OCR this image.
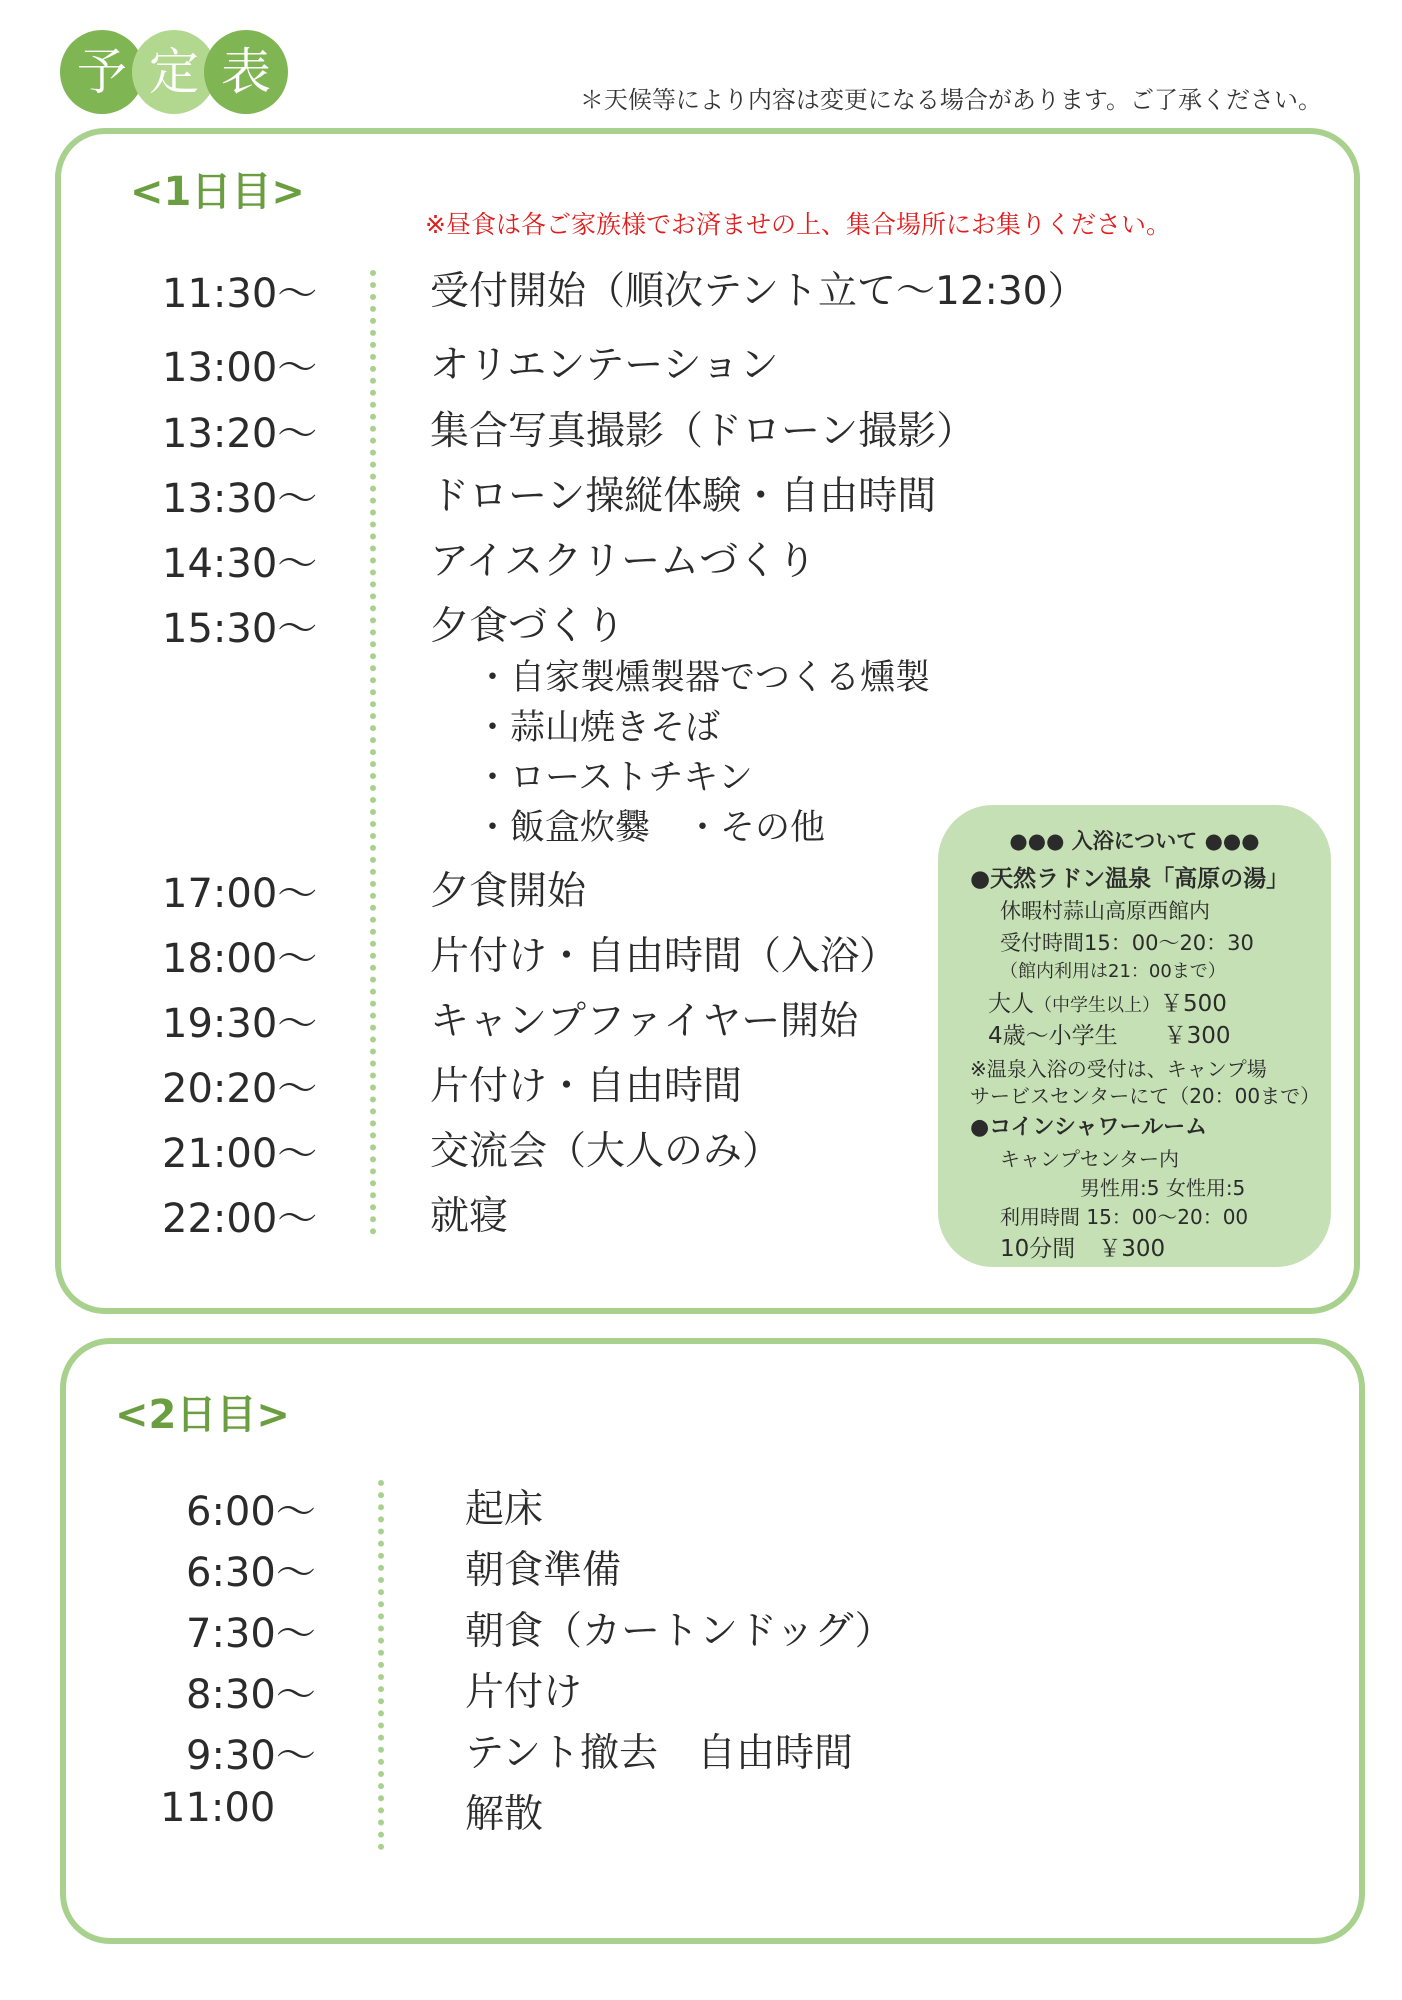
予 定 表	＊天候等により内容は変更になる場合があります。ご了承ください。
<1日目>
※昼食は各ご家族様でお済ませの上、集合場所にお集りください。
11:30〜	受付開始（順次テント立て〜12:30）
13:00〜	オリエンテーション
13:20〜	集合写真撮影（ドローン撮影）
13:30〜	ドローン操縦体験・自由時間
14:30〜	アイスクリームづくり
15:30〜	夕食づくり
・自家製燻製器でつくる燻製
・蒜山焼きそば
・ローストチキン
・飯盒炊爨　・その他
17:00〜	夕食開始
18:00〜	片付け・自由時間（入浴）
19:30〜	キャンプファイヤー開始
20:20〜	片付け・自由時間
21:00〜	交流会（大人のみ）
22:00〜	就寝
●●● 入浴について ●●●
●天然ラドン温泉「高原の湯」
休暇村蒜山高原西館内
受付時間15：00〜20：30
（館内利用は21：00まで）
大人（中学生以上）￥500
4歳〜小学生　　￥300
※温泉入浴の受付は、キャンプ場
サービスセンターにて（20：00まで）
●コインシャワールーム
キャンプセンター内
男性用:5 女性用:5
利用時間 15：00〜20：00
10分間　￥300
<2日目>
6:00〜	起床
6:30〜	朝食準備
7:30〜	朝食（カートンドッグ）
8:30〜	片付け
9:30〜	テント撤去　自由時間
11:00	解散
